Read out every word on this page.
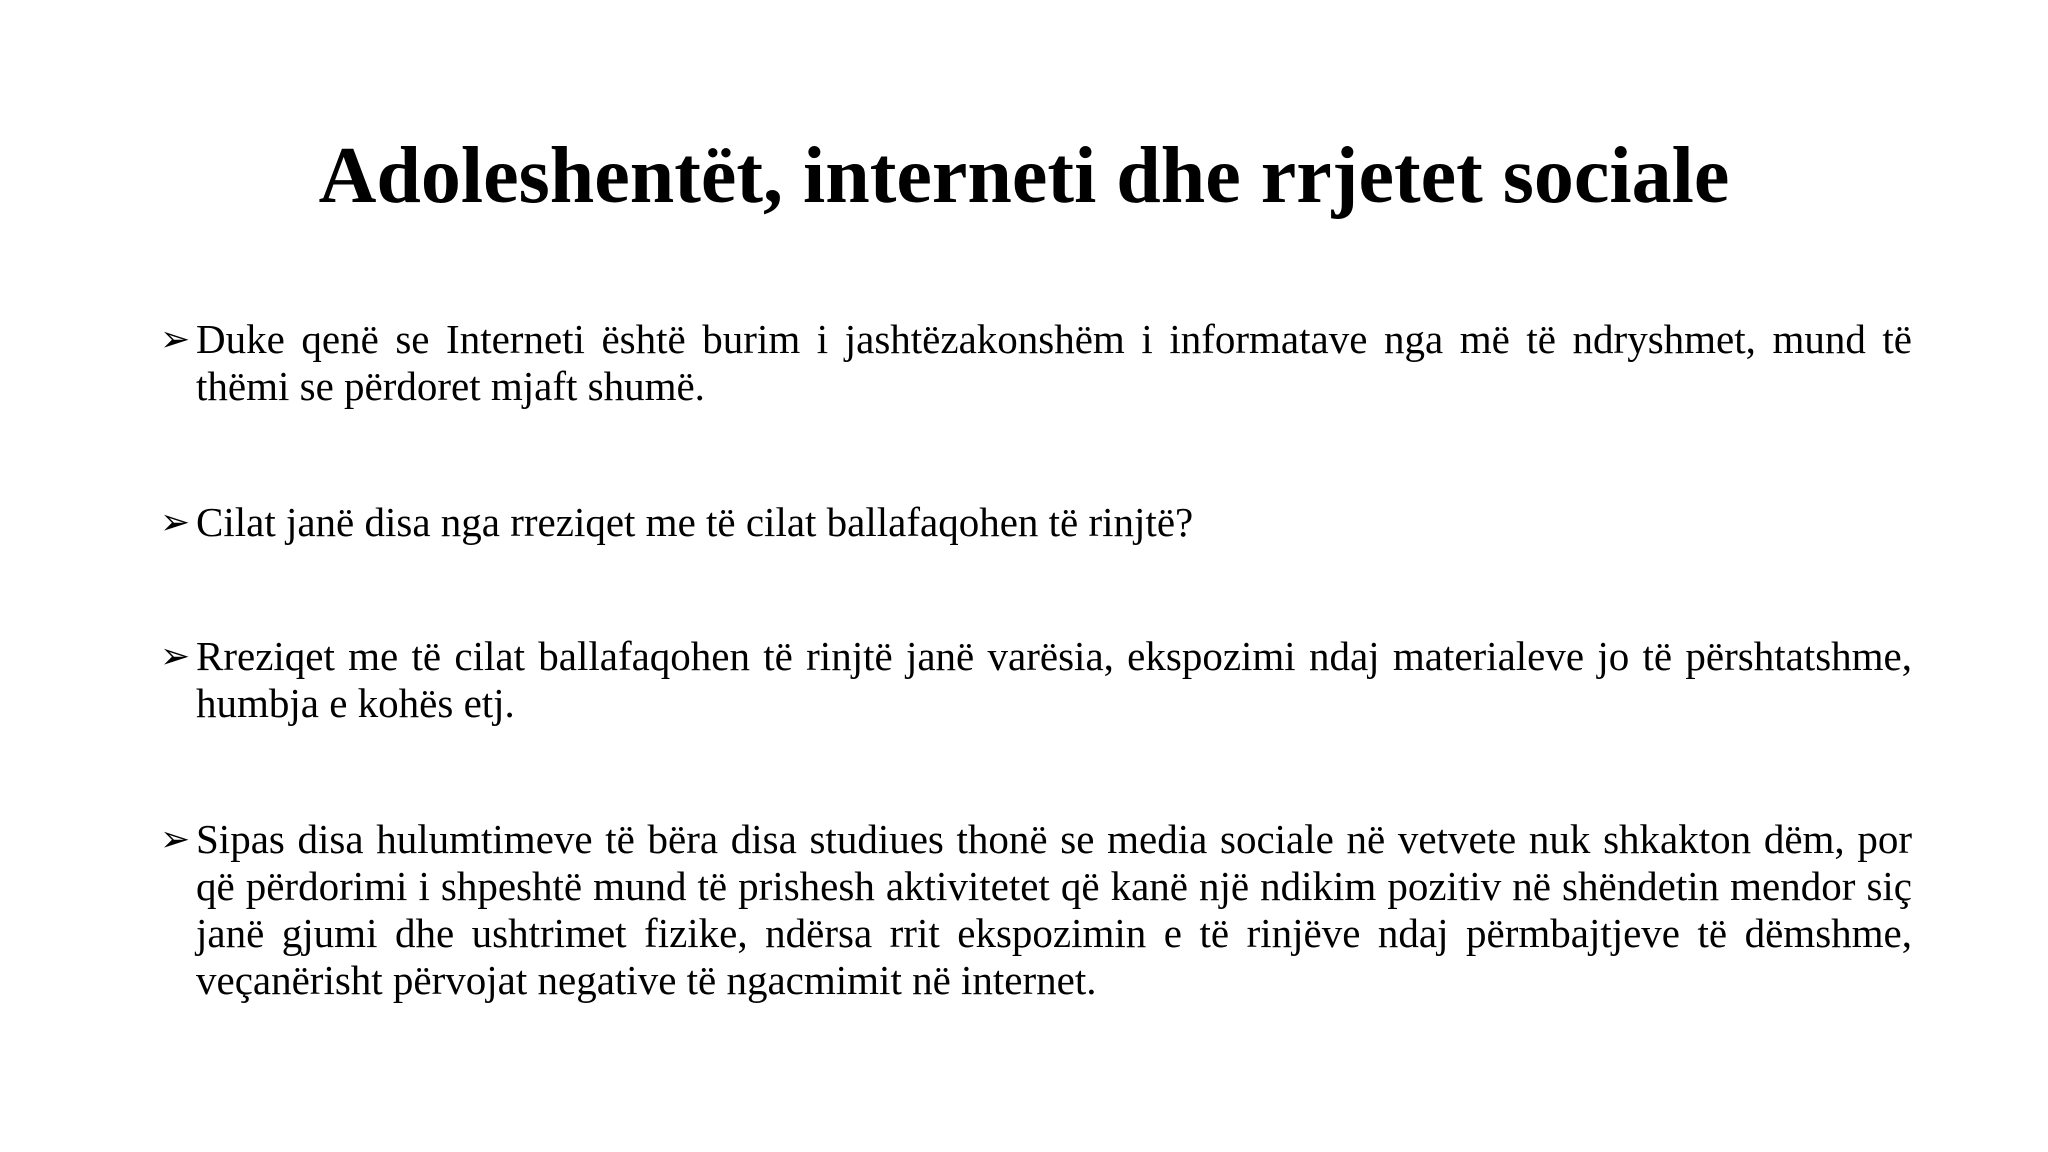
Adoleshentët, interneti dhe rrjetet sociale
➢ Duke qenë se Interneti është burim i jashtëzakonshëm i informatave nga më të ndryshmet, mund të thëmi se përdoret mjaft shumë.
➢ Cilat janë disa nga rreziqet me të cilat ballafaqohen të rinjtë?
➢ Rreziqet me të cilat ballafaqohen të rinjtë janë varësia, ekspozimi ndaj materialeve jo të përshtatshme, humbja e kohës etj.
➢ Sipas disa hulumtimeve të bëra disa studiues thonë se media sociale në vetvete nuk shkakton dëm, por që përdorimi i shpeshtë mund të prishesh aktivitetet që kanë një ndikim pozitiv në shëndetin mendor siç janë gjumi dhe ushtrimet fizike, ndërsa rrit ekspozimin e të rinjëve ndaj përmbajtjeve të dëmshme, veçanërisht përvojat negative të ngacmimit në internet.
